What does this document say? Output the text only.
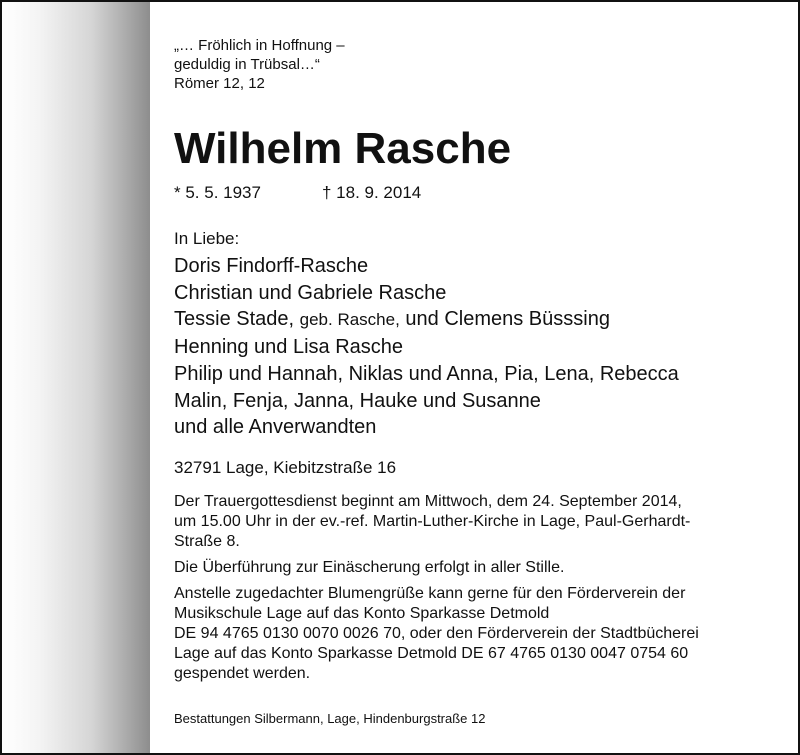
„… Fröhlich in Hoffnung –
geduldig in Trübsal…“
Römer 12, 12
Wilhelm Rasche
* 5. 5. 1937	† 18. 9. 2014
In Liebe:
Doris Findorff-Rasche
Christian und Gabriele Rasche
Tessie Stade, geb. Rasche, und Clemens Büsssing
Henning und Lisa Rasche
Philip und Hannah, Niklas und Anna, Pia, Lena, Rebecca
Malin, Fenja, Janna, Hauke und Susanne
und alle Anverwandten
32791 Lage, Kiebitzstraße 16
Der Trauergottesdienst beginnt am Mittwoch, dem 24. September 2014,
um 15.00 Uhr in der ev.-ref. Martin-Luther-Kirche in Lage, Paul-Gerhardt-
Straße 8.
Die Überführung zur Einäscherung erfolgt in aller Stille.
Anstelle zugedachter Blumengrüße kann gerne für den Förderverein der
Musikschule Lage auf das Konto Sparkasse Detmold
DE 94 4765 0130 0070 0026 70, oder den Förderverein der Stadtbücherei
Lage auf das Konto Sparkasse Detmold DE 67 4765 0130 0047 0754 60
gespendet werden.
Bestattungen Silbermann, Lage, Hindenburgstraße 12
